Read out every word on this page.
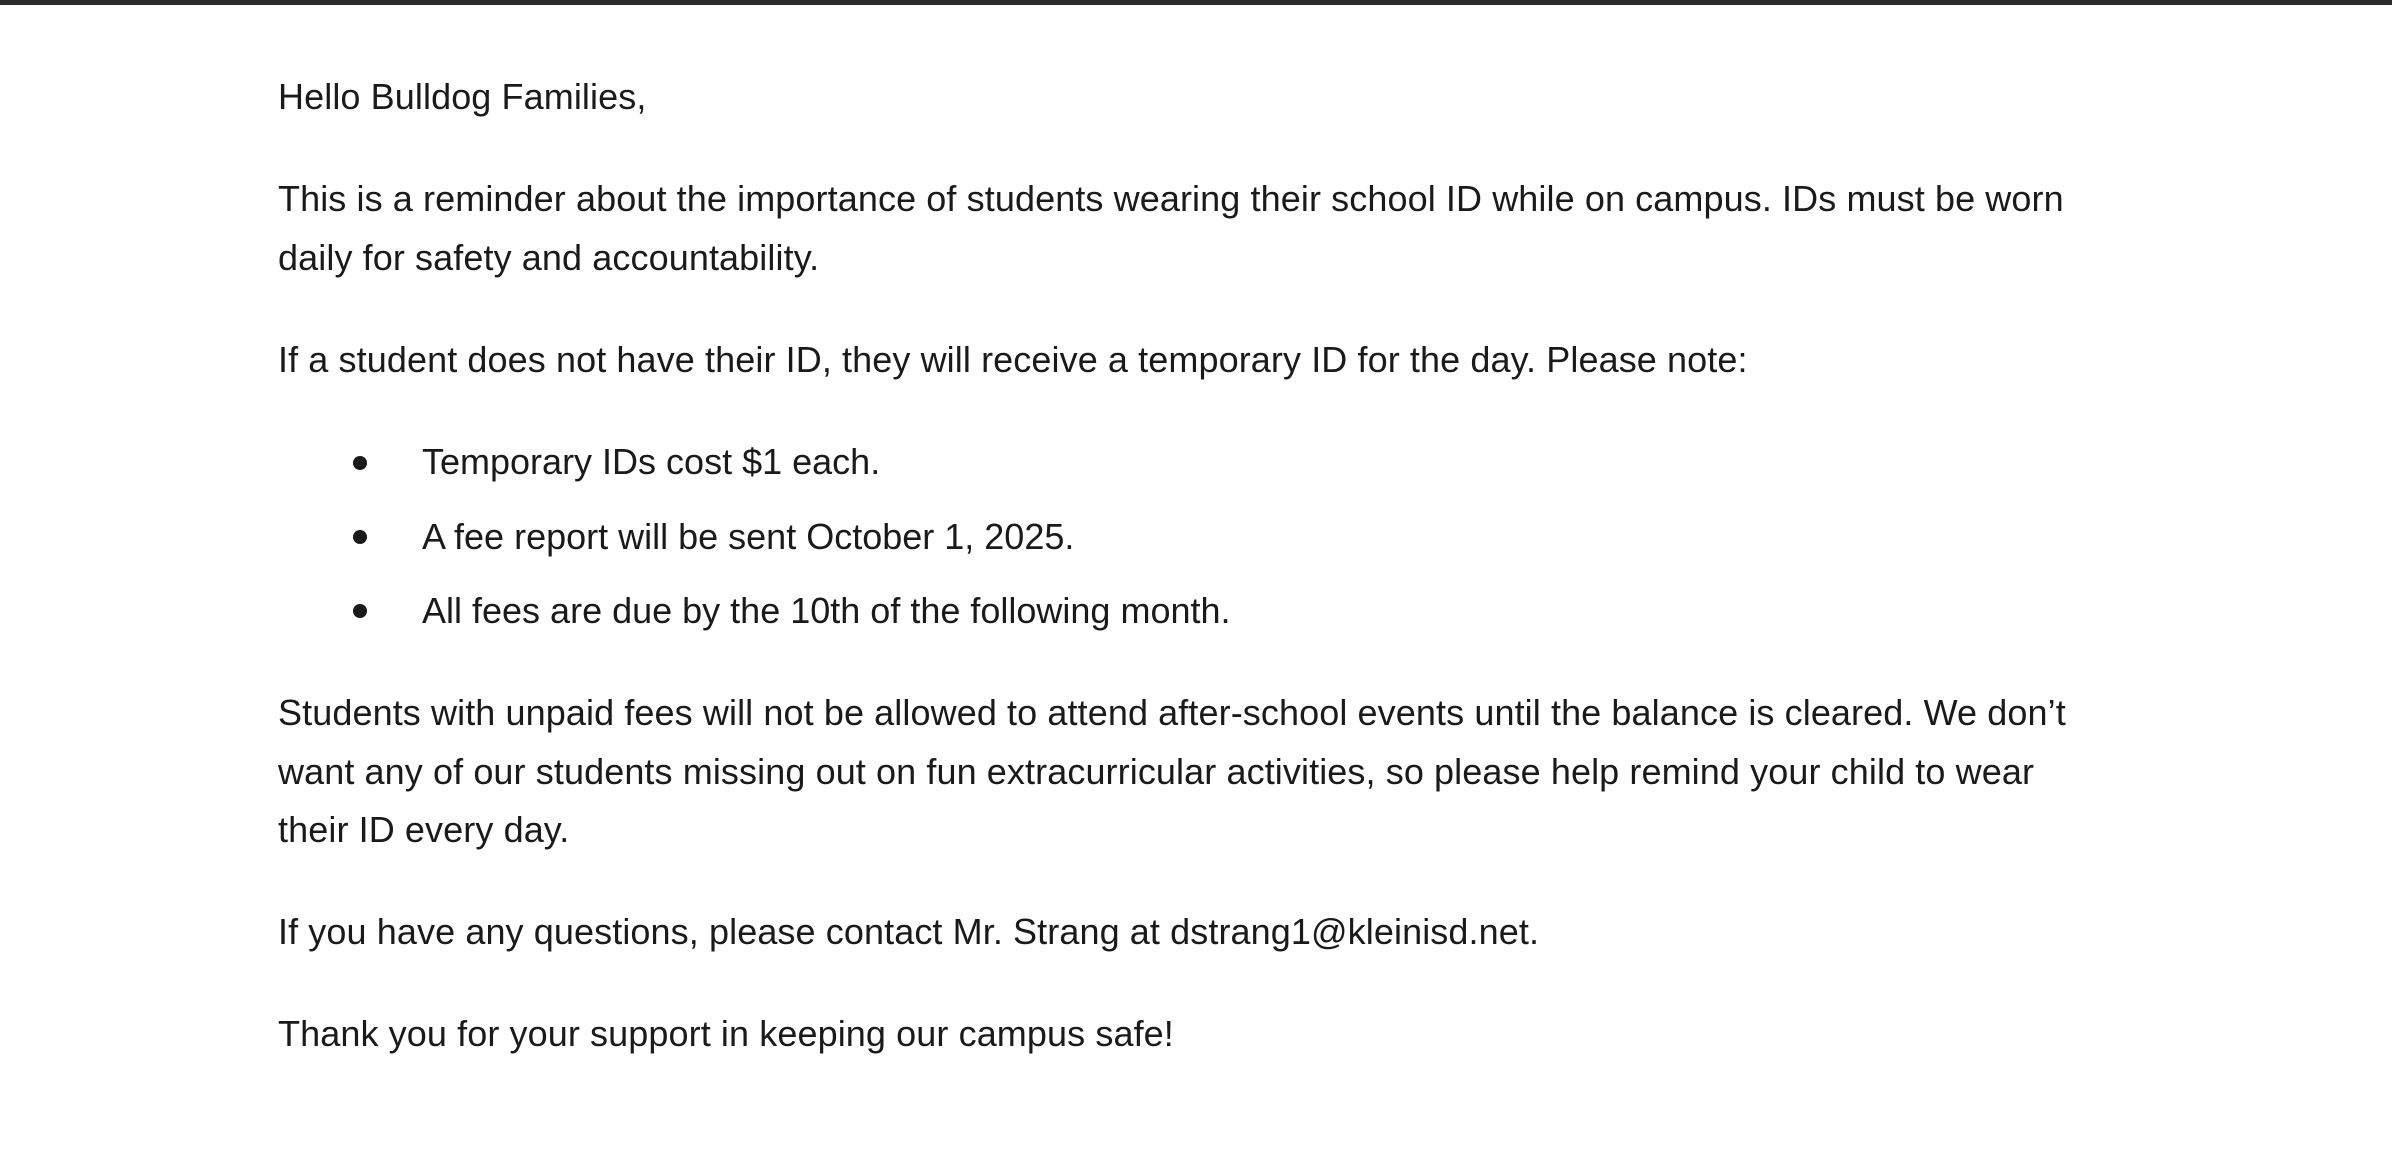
Hello Bulldog Families,

This is a reminder about the importance of students wearing their school ID while on campus. IDs must be worn daily for safety and accountability.

If a student does not have their ID, they will receive a temporary ID for the day. Please note:

Temporary IDs cost $1 each.
A fee report will be sent October 1, 2025.
All fees are due by the 10th of the following month.

Students with unpaid fees will not be allowed to attend after-school events until the balance is cleared. We don’t want any of our students missing out on fun extracurricular activities, so please help remind your child to wear their ID every day.

If you have any questions, please contact Mr. Strang at dstrang1@kleinisd.net.

Thank you for your support in keeping our campus safe!
